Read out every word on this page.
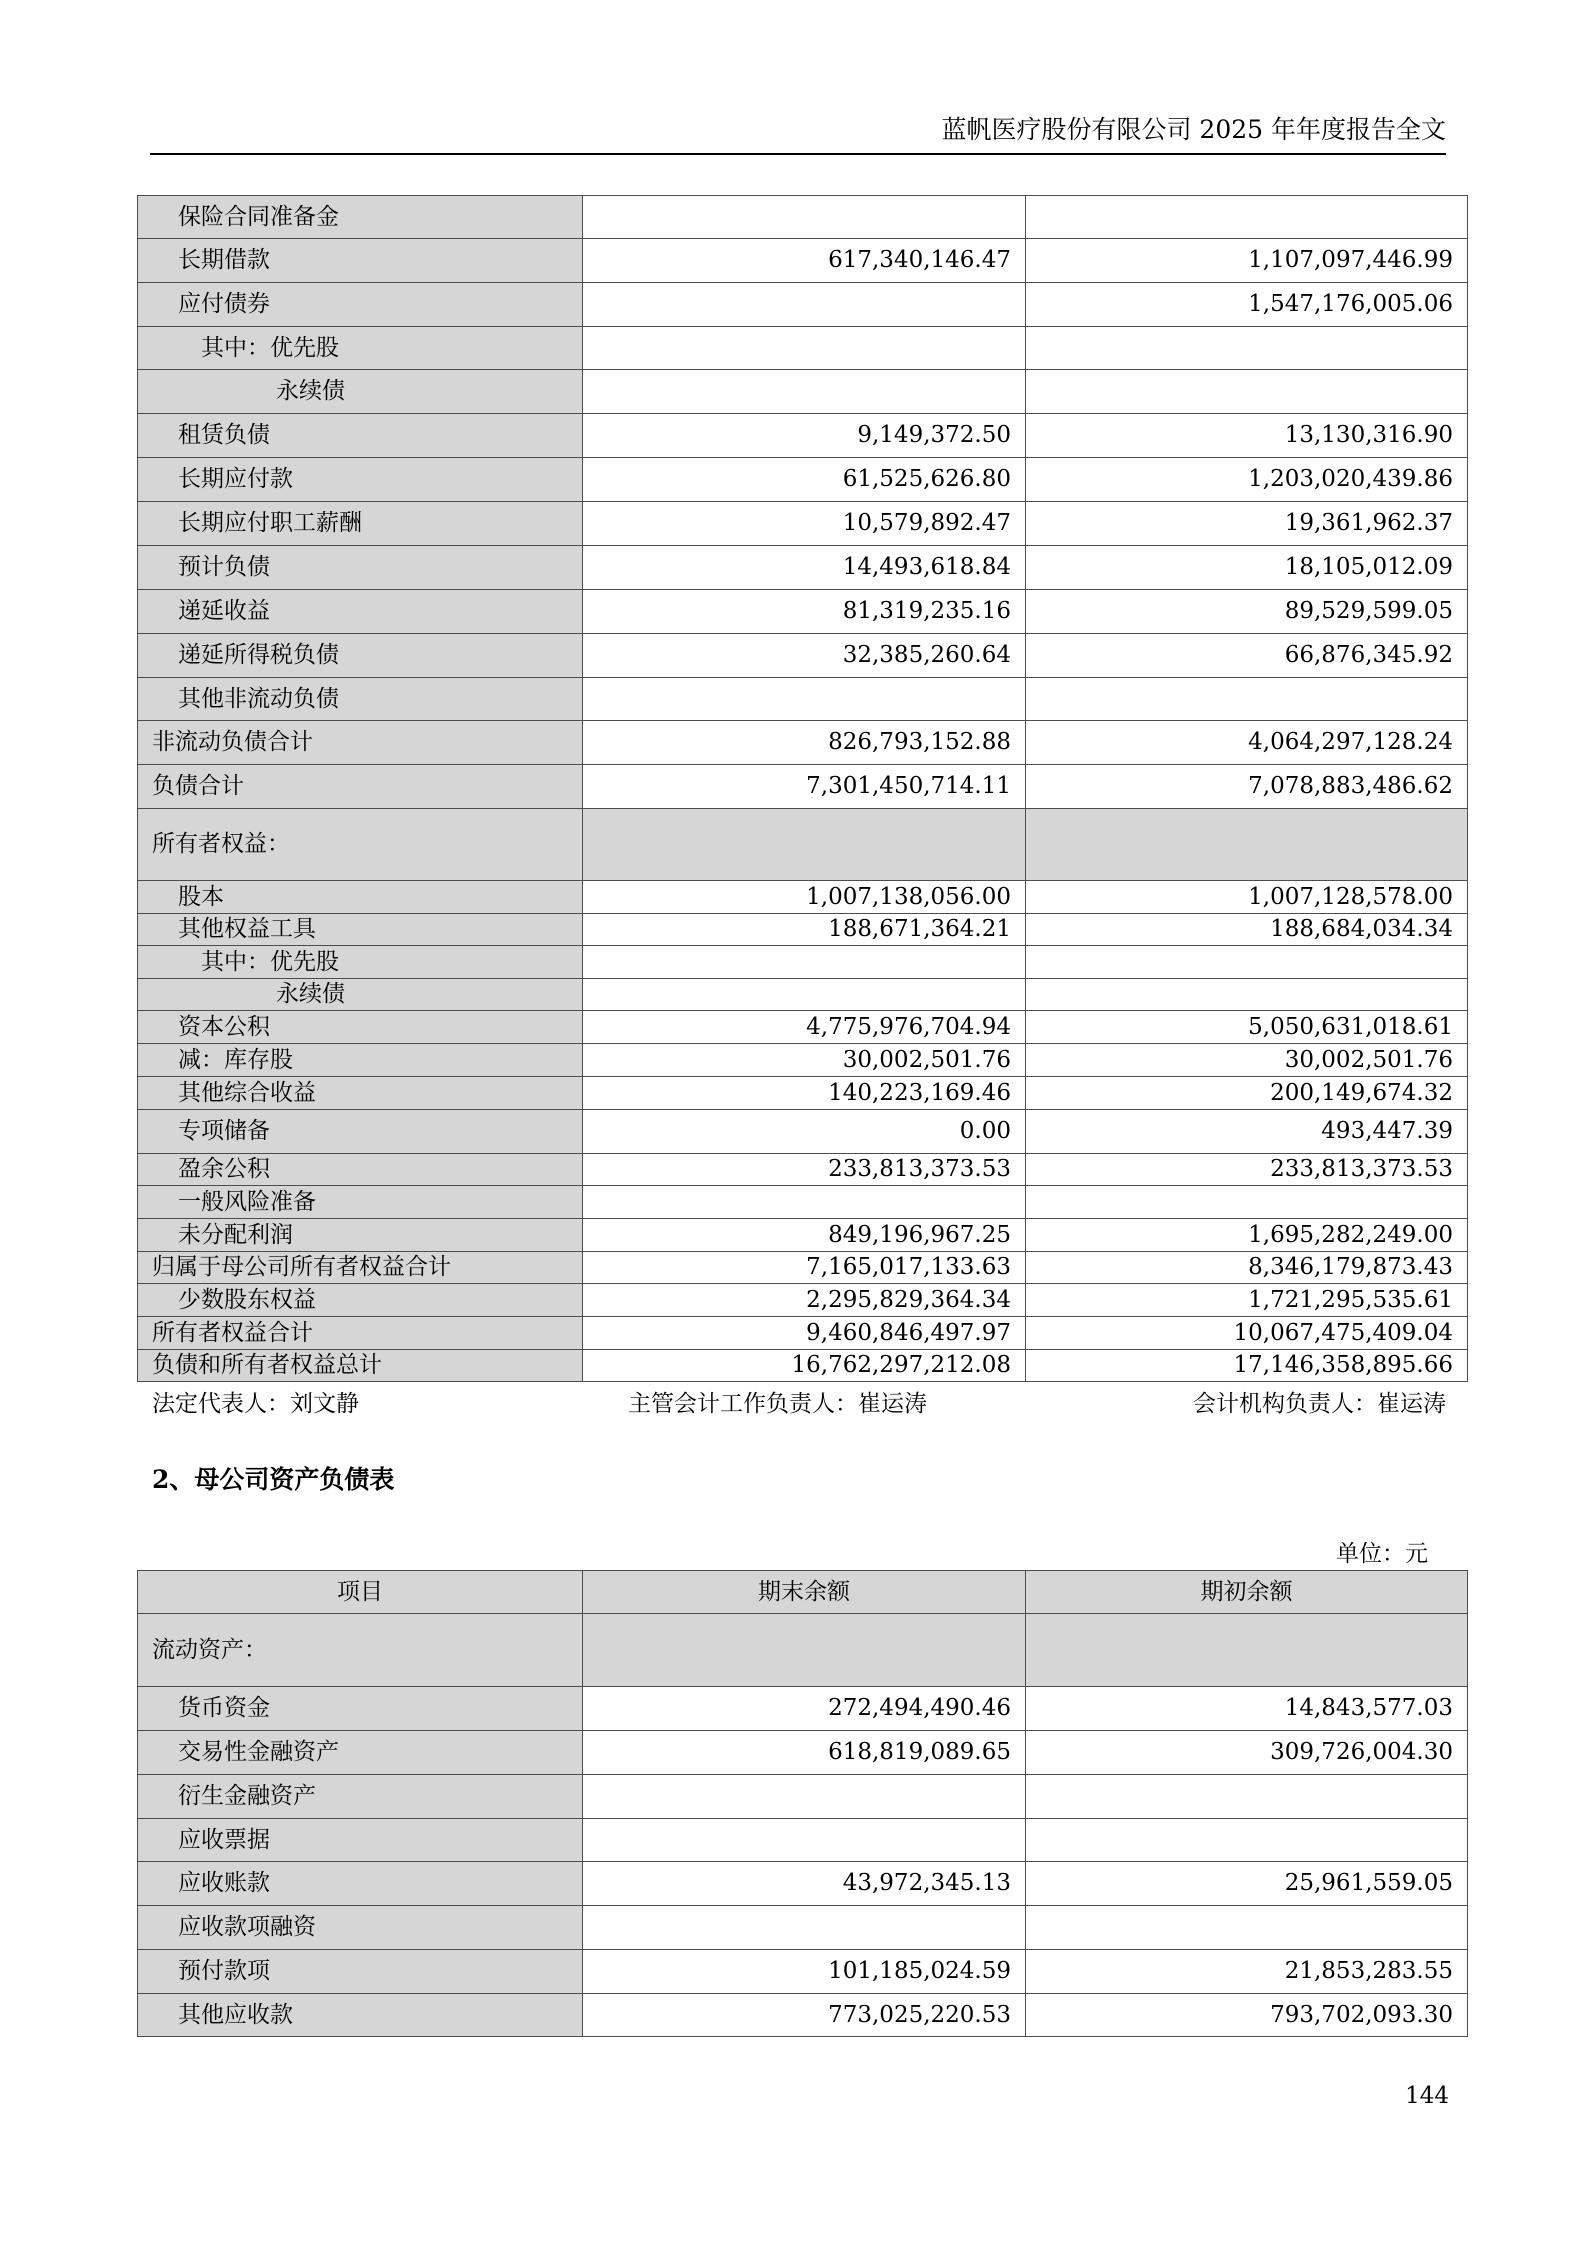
蓝帆医疗股份有限公司 2025 年年度报告全文
保险合同准备金		
长期借款	617,340,146.47	1,107,097,446.99
应付债券		1,547,176,005.06
其中：优先股		
永续债		
租赁负债	9,149,372.50	13,130,316.90
长期应付款	61,525,626.80	1,203,020,439.86
长期应付职工薪酬	10,579,892.47	19,361,962.37
预计负债	14,493,618.84	18,105,012.09
递延收益	81,319,235.16	89,529,599.05
递延所得税负债	32,385,260.64	66,876,345.92
其他非流动负债		
非流动负债合计	826,793,152.88	4,064,297,128.24
负债合计	7,301,450,714.11	7,078,883,486.62
所有者权益：		
股本	1,007,138,056.00	1,007,128,578.00
其他权益工具	188,671,364.21	188,684,034.34
其中：优先股		
永续债		
资本公积	4,775,976,704.94	5,050,631,018.61
减：库存股	30,002,501.76	30,002,501.76
其他综合收益	140,223,169.46	200,149,674.32
专项储备	0.00	493,447.39
盈余公积	233,813,373.53	233,813,373.53
一般风险准备		
未分配利润	849,196,967.25	1,695,282,249.00
归属于母公司所有者权益合计	7,165,017,133.63	8,346,179,873.43
少数股东权益	2,295,829,364.34	1,721,295,535.61
所有者权益合计	9,460,846,497.97	10,067,475,409.04
负债和所有者权益总计	16,762,297,212.08	17,146,358,895.66
法定代表人：刘文静	主管会计工作负责人：崔运涛	会计机构负责人：崔运涛
2、母公司资产负债表
单位：元
项目	期末余额	期初余额
流动资产：		
货币资金	272,494,490.46	14,843,577.03
交易性金融资产	618,819,089.65	309,726,004.30
衍生金融资产		
应收票据		
应收账款	43,972,345.13	25,961,559.05
应收款项融资		
预付款项	101,185,024.59	21,853,283.55
其他应收款	773,025,220.53	793,702,093.30
144
